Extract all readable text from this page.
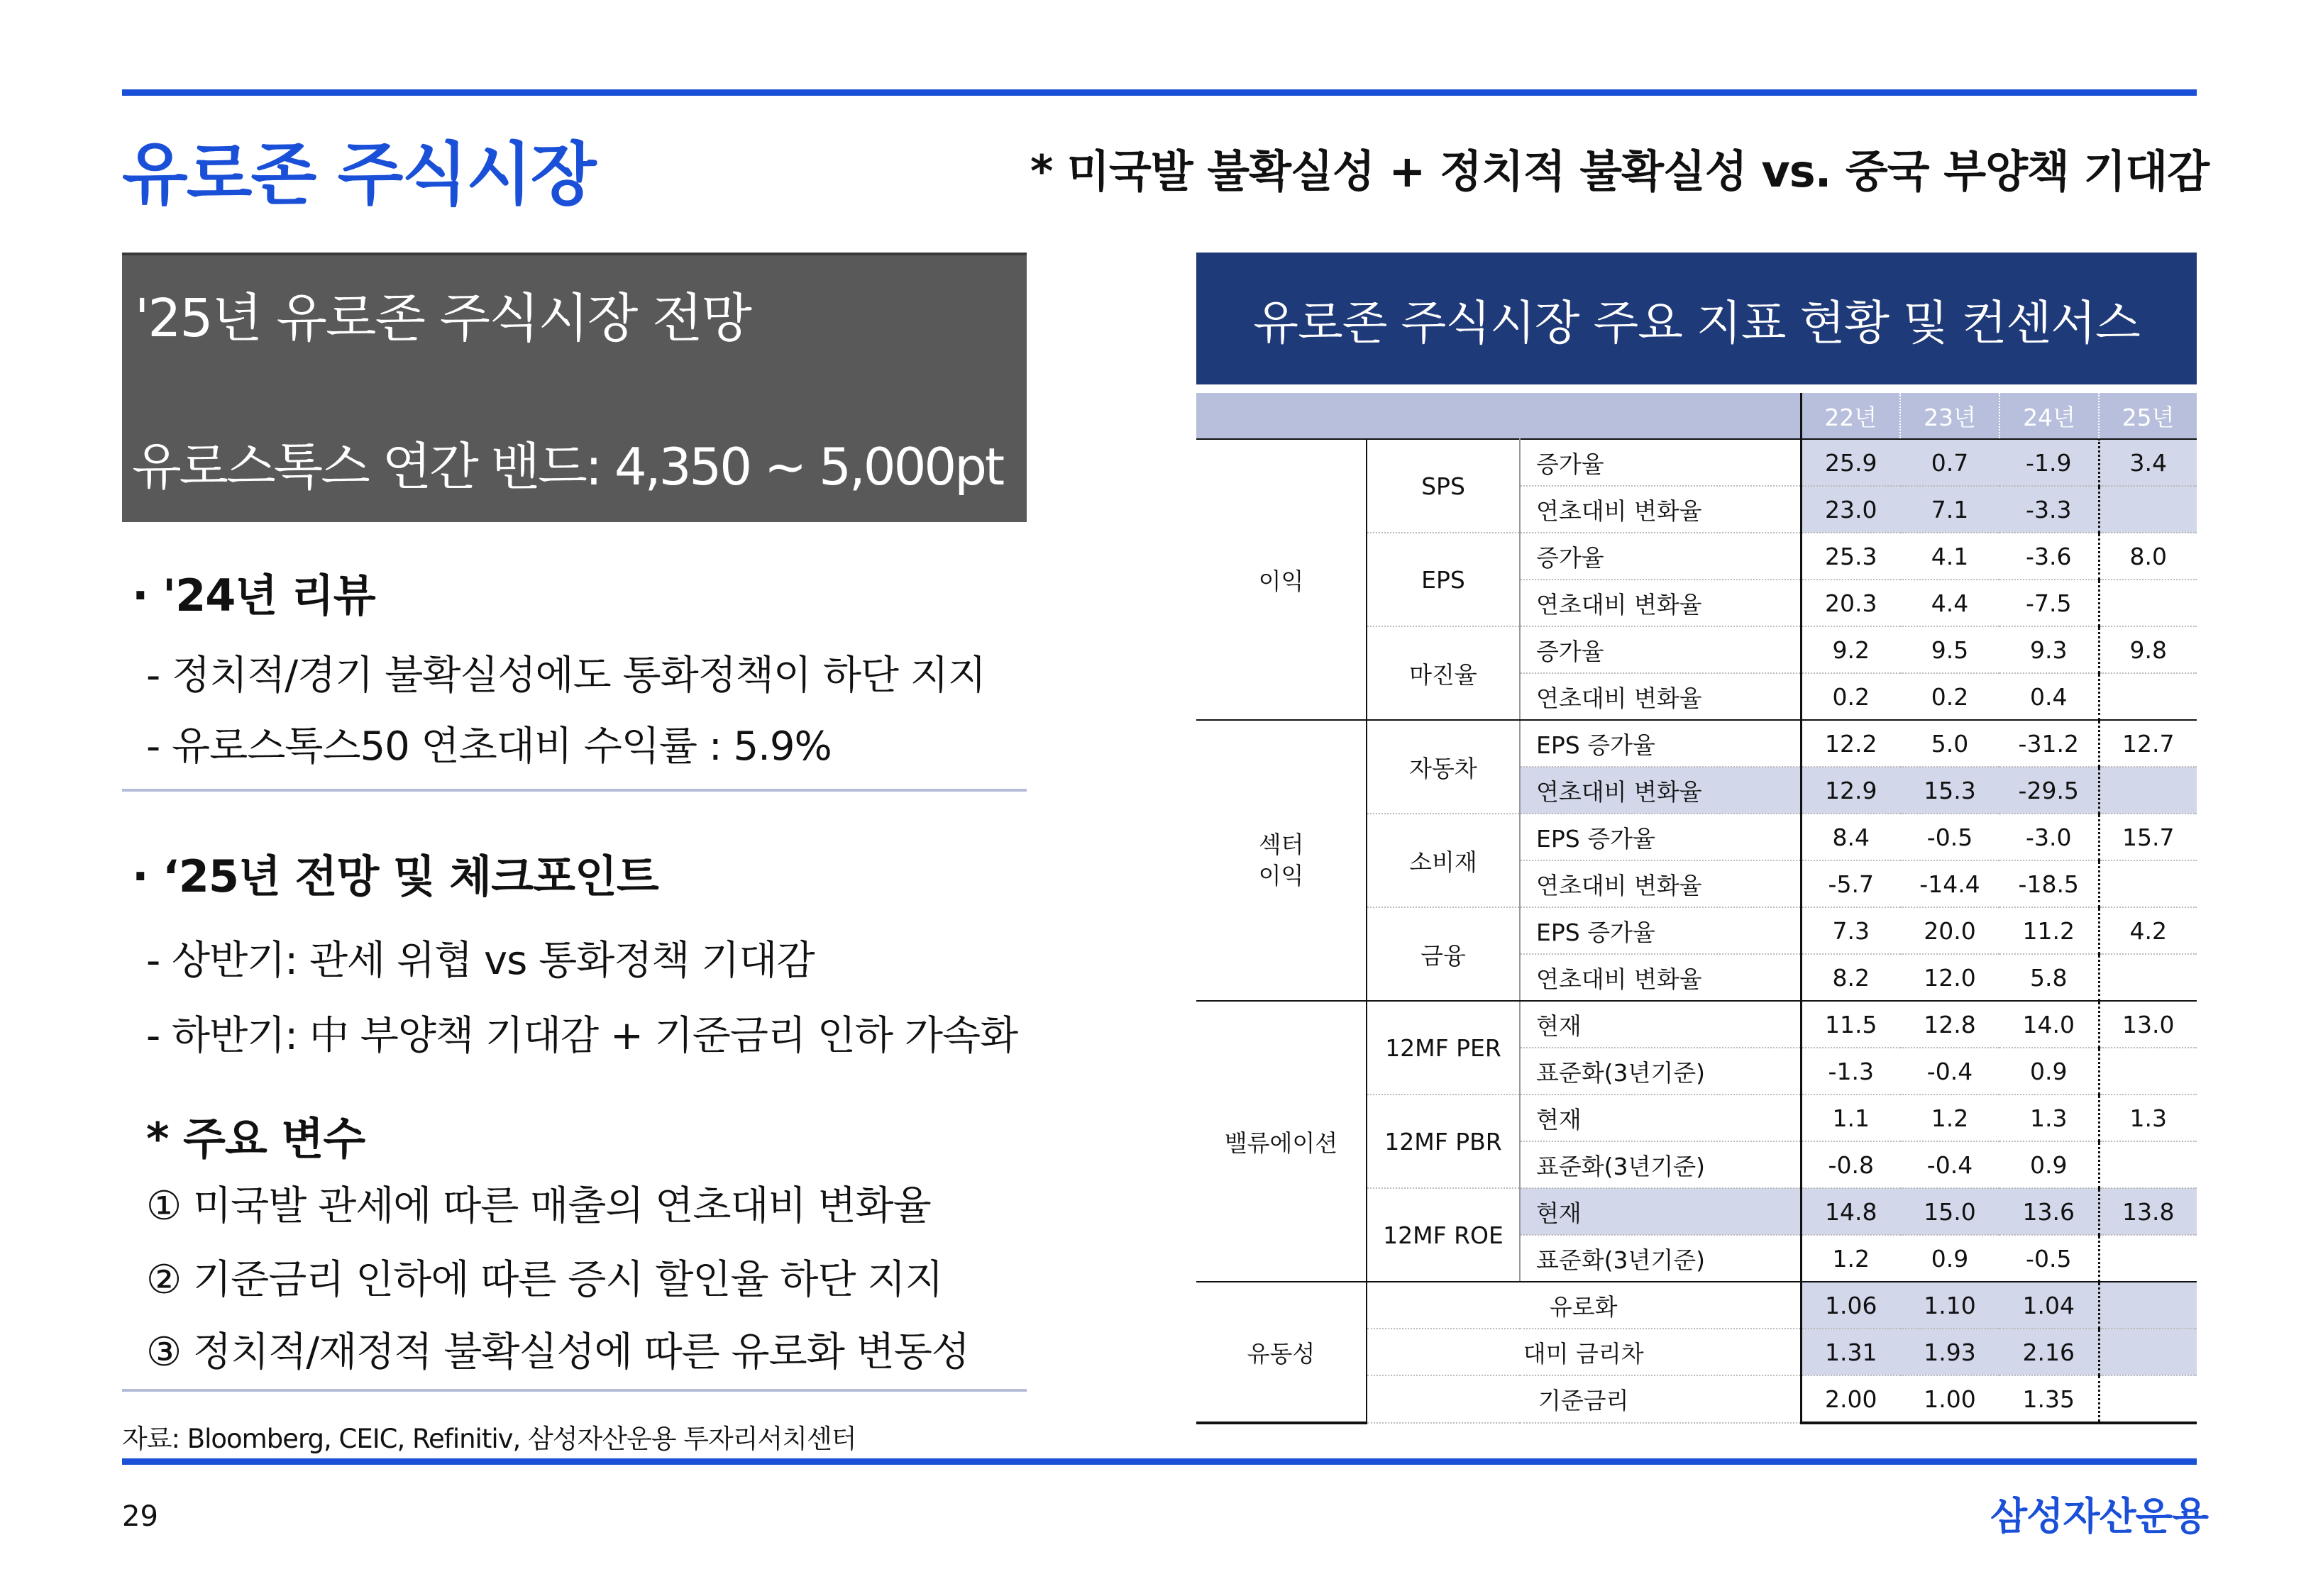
유로존 주식시장	* 미국발 불확실성 + 정치적 불확실성 vs. 중국 부양책 기대감
'25년 유로존 주식시장 전망
유로스톡스 연간 밴드: 4,350 ~ 5,000pt
· '24년 리뷰
- 정치적/경기 불확실성에도 통화정책이 하단 지지
- 유로스톡스50 연초대비 수익률 : 5.9%
· ‘25년 전망 및 체크포인트
- 상반기: 관세 위협 vs 통화정책 기대감
- 하반기: 中 부양책 기대감 + 기준금리 인하 가속화
* 주요 변수
① 미국발 관세에 따른 매출의 연초대비 변화율
② 기준금리 인하에 따른 증시 할인율 하단 지지
③ 정치적/재정적 불확실성에 따른 유로화 변동성
유로존 주식시장 주요 지표 현황 및 컨센서스
			22년	23년	24년	25년
이익	SPS	증가율	25.9	0.7	-1.9	3.4
		연초대비 변화율	23.0	7.1	-3.3	
	EPS	증가율	25.3	4.1	-3.6	8.0
		연초대비 변화율	20.3	4.4	-7.5	
	마진율	증가율	9.2	9.5	9.3	9.8
		연초대비 변화율	0.2	0.2	0.4	
섹터
이익	자동차	EPS 증가율	12.2	5.0	-31.2	12.7
		연초대비 변화율	12.9	15.3	-29.5	
	소비재	EPS 증가율	8.4	-0.5	-3.0	15.7
		연초대비 변화율	-5.7	-14.4	-18.5	
	금융	EPS 증가율	7.3	20.0	11.2	4.2
		연초대비 변화율	8.2	12.0	5.8	
밸류에이션	12MF PER	현재	11.5	12.8	14.0	13.0
		표준화(3년기준)	-1.3	-0.4	0.9	
	12MF PBR	현재	1.1	1.2	1.3	1.3
		표준화(3년기준)	-0.8	-0.4	0.9	
	12MF ROE	현재	14.8	15.0	13.6	13.8
		표준화(3년기준)	1.2	0.9	-0.5	
유동성	유로화		1.06	1.10	1.04	
	대미 금리차		1.31	1.93	2.16	
	기준금리		2.00	1.00	1.35	
자료: Bloomberg, CEIC, Refinitiv, 삼성자산운용 투자리서치센터
29	삼성자산운용
